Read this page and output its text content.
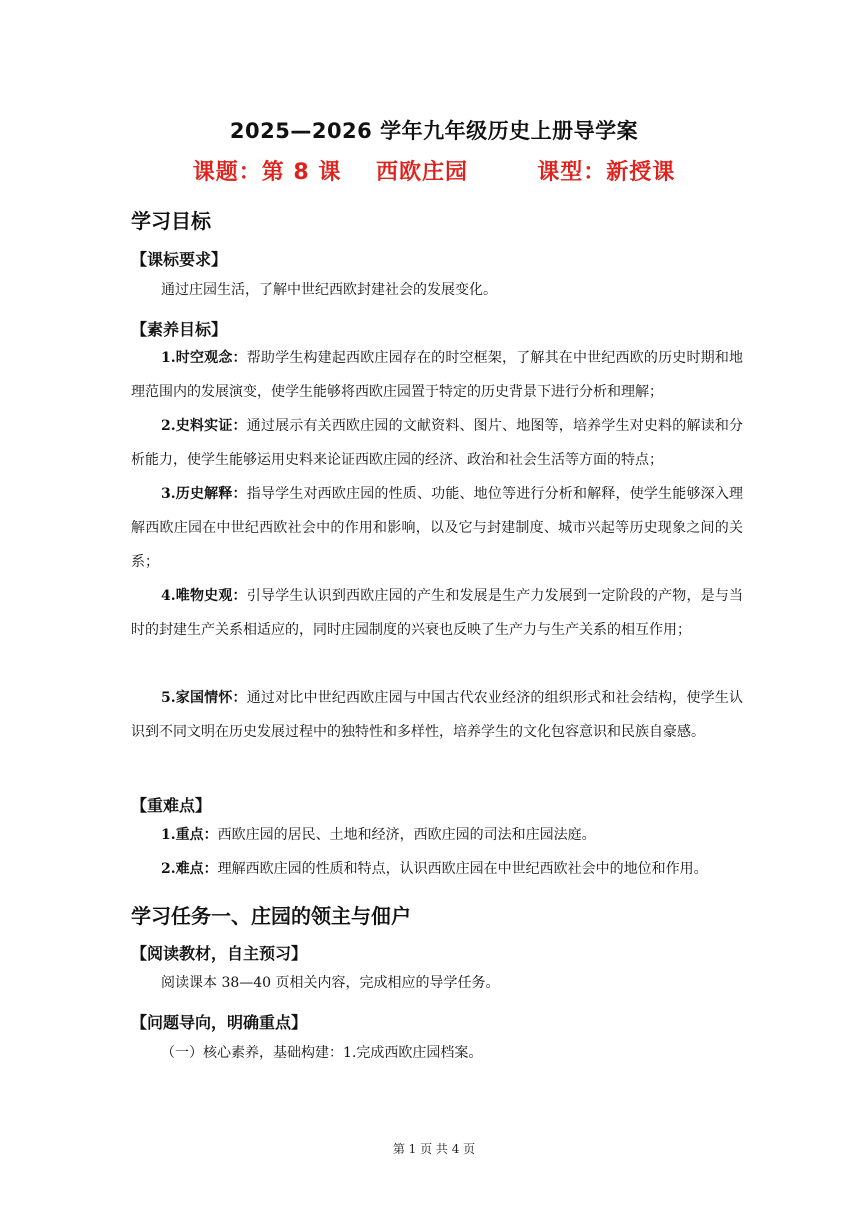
2025—2026 学年九年级历史上册导学案
课题：第 8 课    西欧庄园        课型：新授课
学习目标
【课标要求】
通过庄园生活，了解中世纪西欧封建社会的发展变化。
【素养目标】
1.时空观念：帮助学生构建起西欧庄园存在的时空框架，了解其在中世纪西欧的历史时期和地理范围内的发展演变，使学生能够将西欧庄园置于特定的历史背景下进行分析和理解；
2.史料实证：通过展示有关西欧庄园的文献资料、图片、地图等，培养学生对史料的解读和分析能力，使学生能够运用史料来论证西欧庄园的经济、政治和社会生活等方面的特点；
3.历史解释：指导学生对西欧庄园的性质、功能、地位等进行分析和解释，使学生能够深入理解西欧庄园在中世纪西欧社会中的作用和影响，以及它与封建制度、城市兴起等历史现象之间的关系；
4.唯物史观：引导学生认识到西欧庄园的产生和发展是生产力发展到一定阶段的产物，是与当时的封建生产关系相适应的，同时庄园制度的兴衰也反映了生产力与生产关系的相互作用；
5.家国情怀：通过对比中世纪西欧庄园与中国古代农业经济的组织形式和社会结构，使学生认识到不同文明在历史发展过程中的独特性和多样性，培养学生的文化包容意识和民族自豪感。
【重难点】
1.重点：西欧庄园的居民、土地和经济，西欧庄园的司法和庄园法庭。
2.难点：理解西欧庄园的性质和特点，认识西欧庄园在中世纪西欧社会中的地位和作用。
学习任务一、庄园的领主与佃户
【阅读教材，自主预习】
阅读课本 38—40 页相关内容，完成相应的导学任务。
【问题导向，明确重点】
（一）核心素养，基础构建：1.完成西欧庄园档案。
第 1 页 共 4 页
